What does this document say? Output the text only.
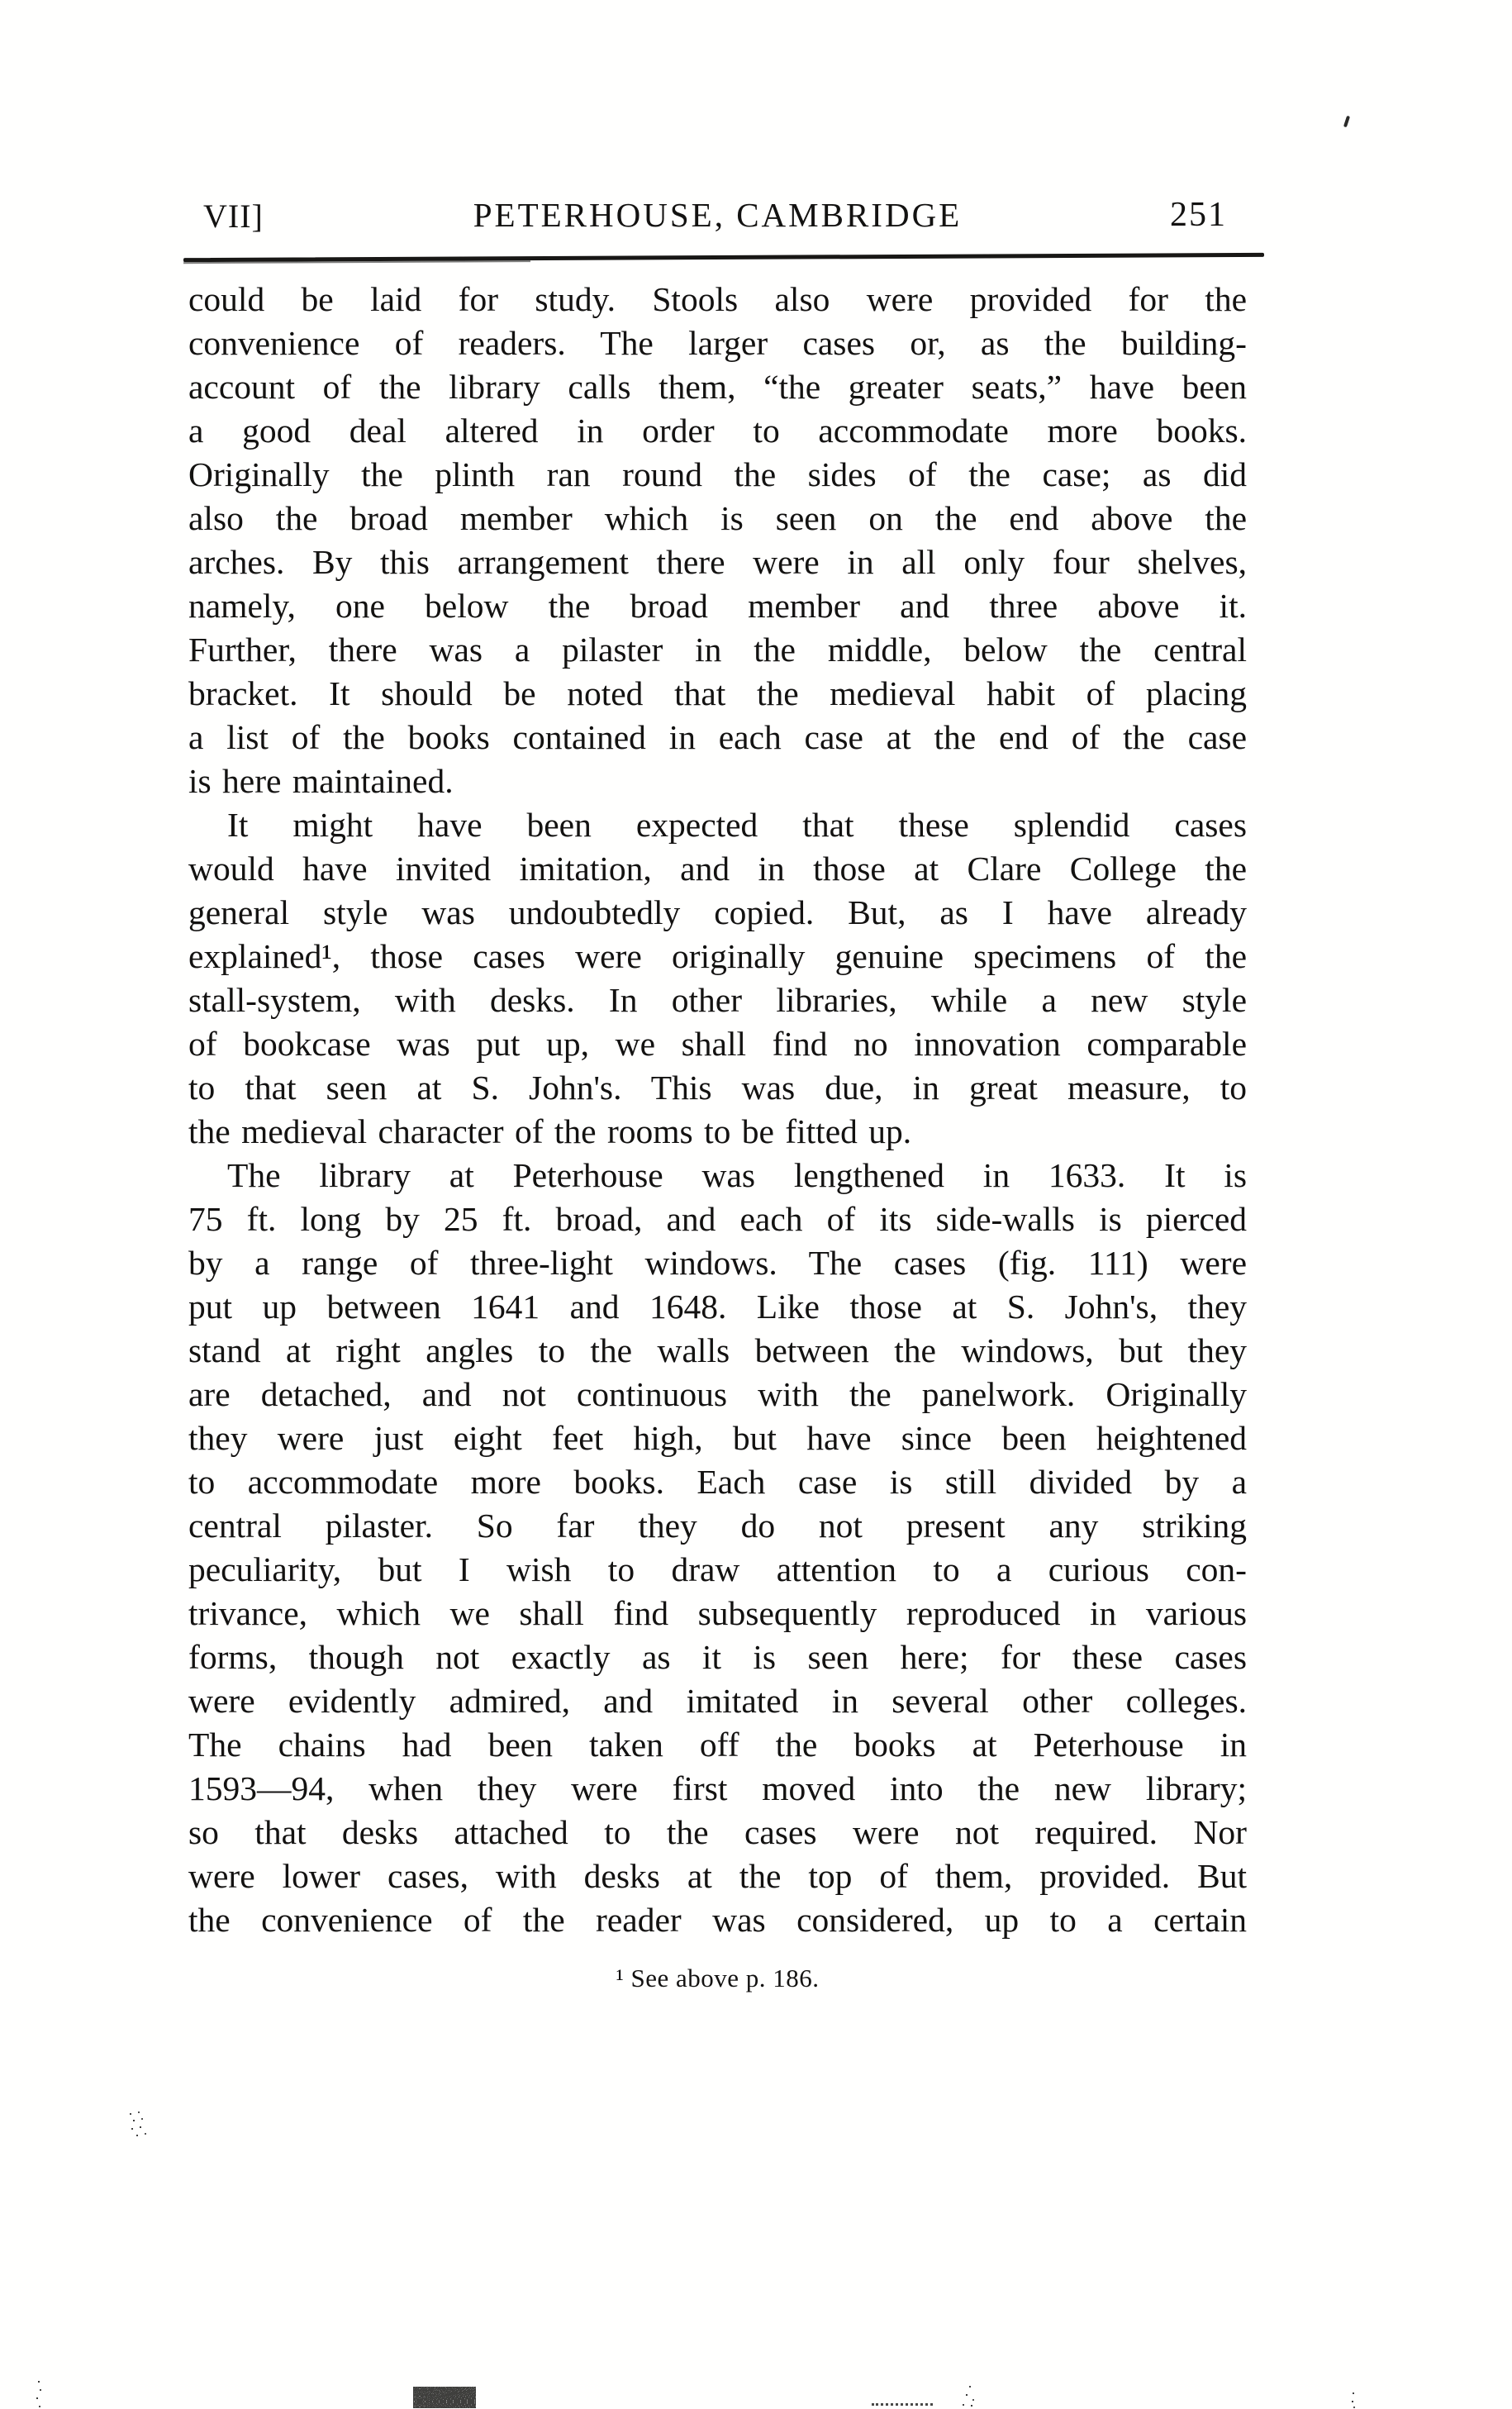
VII]	PETERHOUSE, CAMBRIDGE	251
could be laid for study. Stools also were provided for the
convenience of readers. The larger cases or, as the building-
account of the library calls them, “the greater seats,” have been
a good deal altered in order to accommodate more books.
Originally the plinth ran round the sides of the case; as did
also the broad member which is seen on the end above the
arches. By this arrangement there were in all only four shelves,
namely, one below the broad member and three above it.
Further, there was a pilaster in the middle, below the central
bracket. It should be noted that the medieval habit of placing
a list of the books contained in each case at the end of the case
is here maintained.
It might have been expected that these splendid cases
would have invited imitation, and in those at Clare College the
general style was undoubtedly copied. But, as I have already
explained¹, those cases were originally genuine specimens of the
stall-system, with desks. In other libraries, while a new style
of bookcase was put up, we shall find no innovation comparable
to that seen at S. John's. This was due, in great measure, to
the medieval character of the rooms to be fitted up.
The library at Peterhouse was lengthened in 1633. It is
75 ft. long by 25 ft. broad, and each of its side-walls is pierced
by a range of three-light windows. The cases (fig. 111) were
put up between 1641 and 1648. Like those at S. John's, they
stand at right angles to the walls between the windows, but they
are detached, and not continuous with the panelwork. Originally
they were just eight feet high, but have since been heightened
to accommodate more books. Each case is still divided by a
central pilaster. So far they do not present any striking
peculiarity, but I wish to draw attention to a curious con-
trivance, which we shall find subsequently reproduced in various
forms, though not exactly as it is seen here; for these cases
were evidently admired, and imitated in several other colleges.
The chains had been taken off the books at Peterhouse in
1593—94, when they were first moved into the new library;
so that desks attached to the cases were not required. Nor
were lower cases, with desks at the top of them, provided. But
the convenience of the reader was considered, up to a certain
¹ See above p. 186.
